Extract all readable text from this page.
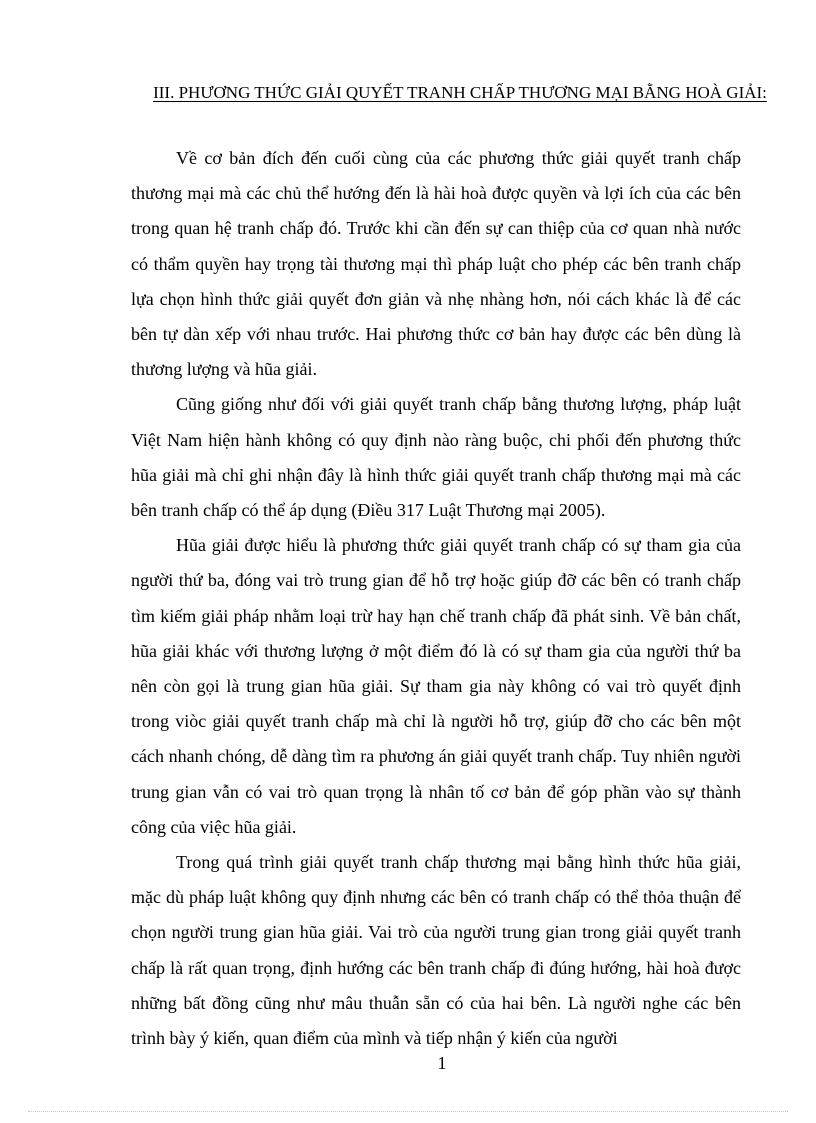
III. PHƯƠNG THỨC GIẢI QUYẾT TRANH CHẤP THƯƠNG MẠI BẰNG HOÀ GIẢI:

Về cơ bản đích đến cuối cùng của các phương thức giải quyết tranh chấp thương mại mà các chủ thể hướng đến là hài hoà được quyền và lợi ích của các bên trong quan hệ tranh chấp đó. Trước khi cần đến sự can thiệp của cơ quan nhà nước có thẩm quyền hay trọng tài thương mại thì pháp luật cho phép các bên tranh chấp lựa chọn hình thức giải quyết đơn giản và nhẹ nhàng hơn, nói cách khác là để các bên tự dàn xếp với nhau trước. Hai phương thức cơ bản hay được các bên dùng là thương lượng và hũa giải.

Cũng giống như đối với giải quyết tranh chấp bằng thương lượng, pháp luật Việt Nam hiện hành không có quy định nào ràng buộc, chi phối đến phương thức hũa giải mà chỉ ghi nhận đây là hình thức giải quyết tranh chấp thương mại mà các bên tranh chấp có thể áp dụng (Điều 317 Luật Thương mại 2005).

Hũa giải được hiểu là phương thức giải quyết tranh chấp có sự tham gia của người thứ ba, đóng vai trò trung gian để hỗ trợ hoặc giúp đỡ các bên có tranh chấp tìm kiếm giải pháp nhằm loại trừ hay hạn chế tranh chấp đã phát sinh. Về bản chất, hũa giải khác với thương lượng ở một điểm đó là có sự tham gia của người thứ ba nên còn gọi là trung gian hũa giải. Sự tham gia này không có vai trò quyết định trong viòc giải quyết tranh chấp mà chỉ là người hỗ trợ, giúp đỡ cho các bên một cách nhanh chóng, dễ dàng tìm ra phương án giải quyết tranh chấp. Tuy nhiên người trung gian vẫn có vai trò quan trọng là nhân tố cơ bản để góp phần vào sự thành công của việc hũa giải.

Trong quá trình giải quyết tranh chấp thương mại bằng hình thức hũa giải, mặc dù pháp luật không quy định nhưng các bên có tranh chấp có thể thỏa thuận để chọn người trung gian hũa giải. Vai trò của người trung gian trong giải quyết tranh chấp là rất quan trọng, định hướng các bên tranh chấp đi đúng hướng, hài hoà được những bất đồng cũng như mâu thuẫn sẵn có của hai bên. Là người nghe các bên trình bày ý kiến, quan điểm của mình và tiếp nhận ý kiến của người

1
